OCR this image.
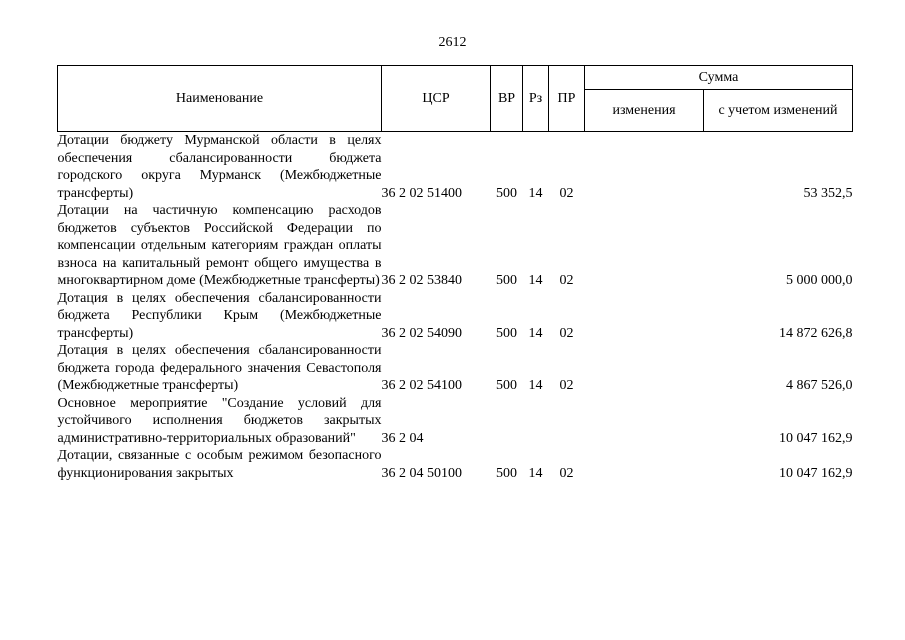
2612
Наименование	ЦСР	ВР	Рз	ПР	Сумма	
					изменения	с учетом изменений
Дотации бюджету Мурманской области в целях обеспечения сбалансированности бюджета городского округа Мурманск (Межбюджетные трансферты)	36 2 02 51400	500	14	02		53 352,5
Дотации на частичную компенсацию расходов бюджетов субъектов Российской Федерации по компенсации отдельным категориям граждан оплаты взноса на капитальный ремонт общего имущества в многоквартирном доме (Межбюджетные трансферты)	36 2 02 53840	500	14	02		5 000 000,0
Дотация в целях обеспечения сбалансированности бюджета Республики Крым (Межбюджетные трансферты)	36 2 02 54090	500	14	02		14 872 626,8
Дотация в целях обеспечения сбалансированности бюджета города федерального значения Севастополя (Межбюджетные трансферты)	36 2 02 54100	500	14	02		4 867 526,0
Основное мероприятие "Создание условий для устойчивого исполнения бюджетов закрытых административно-территориальных образований"	36 2 04					10 047 162,9
Дотации, связанные с особым режимом безопасного функционирования закрытых	36 2 04 50100	500	14	02		10 047 162,9
